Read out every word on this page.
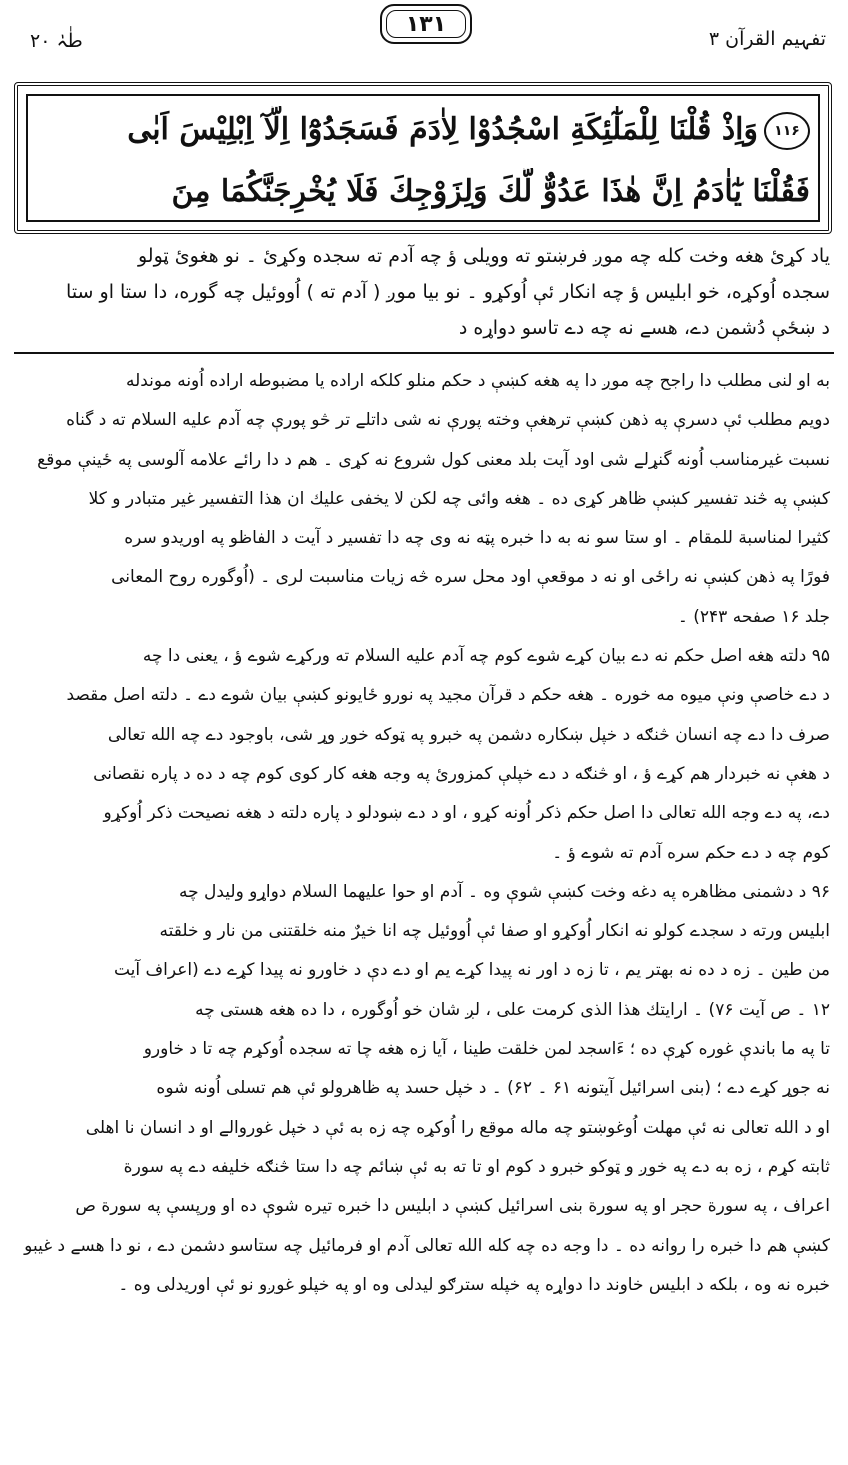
تفہیم القرآن ۳
۱۳۱
طٰہٰ ۲۰
۱۱۶وَاِذْ قُلْنَا لِلْمَلٰٓئِكَةِ اسْجُدُوْا لِاٰدَمَ فَسَجَدُوْٓا اِلَّآ اِبْلِيْسَ اَبٰى
فَقُلْنَا يٰٓاٰدَمُ اِنَّ هٰذَا عَدُوٌّ لَّكَ وَلِزَوْجِكَ فَلَا يُخْرِجَنَّكُمَا مِنَ

یاد کړئ هغه وخت کله چه موږ فرښتو ته وویلی ؤ چه آدم ته سجده وکړئ ۔ نو هغوئ ټولو

سجده اُوکړه، خو ابلیس ؤ چه انکار ئې اُوکړو ۔ نو بیا موږ ( آدم ته ) اُووئیل چه گوره، دا ستا او ستا

د ښځې دُشمن دے، هسے نه چه دے تاسو دواړه د

به او لنی مطلب دا راجح چه موږ دا په هغه کښې د حکم منلو کلکه اراده یا مضبوطه اراده اُونه موندله

دویم مطلب ئې دسرې په ذهن کښې ترهغې وخته پورې نه شی داتلے تر څو پورې چه آدم علیه السلام ته د گناه

نسبت غیرمناسب اُونه گنړلے شی اود آیت بلد معنی کول شروع نه کړی ۔ هم د دا رائے علامه آلوسی په ځینې موقع

کښې په څند تفسیر کښې ظاهر کړی ده ۔ هغه وائی چه لکن لا یخفی علیك ان هذا التفسیر غیر متبادر و کلا

کثیرا لمناسبة للمقام ۔ او ستا سو نه به دا خبره پټه نه وی چه دا تفسیر د آیت د الفاظو په اوریدو سره

فورًا په ذهن کښې نه راځی او نه د موقعې اود محل سره څه زیات مناسبت لری ۔ (اُوگوره روح المعانی

جلد ۱۶ صفحه ۲۴۳) ۔

۹۵ دلته هغه اصل حکم نه دے بیان کړے شوے کوم چه آدم علیه السلام ته ورکړے شوے ؤ ، یعنی دا چه

د دے خاصې ونې میوه مه خوره ۔ هغه حکم د قرآن مجید په نورو ځایونو کښې بیان شوے دے ۔ دلته اصل مقصد

صرف دا دے چه انسان څنګه د خپل ښکاره دشمن په خبرو په ټوکه خوږ وړ شی، باوجود دے چه الله تعالی

د هغې نه خبردار هم کړے ؤ ، او څنګه د دے خپلې کمزورئ په وجه هغه کار کوی کوم چه د ده د پاره نقصانی

دے، په دے وجه الله تعالی دا اصل حکم ذکر اُونه کړو ، او د دے ښودلو د پاره دلته د هغه نصیحت ذکر اُوکړو

کوم چه د دے حکم سره آدم ته شوے ؤ ۔

۹۶ د دشمنی مظاهره په دغه وخت کښې شوې وه ۔ آدم او حوا علیهما السلام دواړو ولیدل چه

ابلیس ورته د سجدے کولو نه انکار اُوکړو او صفا ئې اُووئیل چه انا خیرٌ منه خلقتنی من نار و خلقته

من طین ۔ زه د ده نه بهتر یم ، تا زه د اور نه پیدا کړے یم او دے دې د خاورو نه پیدا کړے دے (اعراف آیت

۱۲ ۔ ص آیت ۷۶) ۔ ارایتك هذا الذی کرمت علی ، لږ شان خو اُوگوره ، دا ده هغه هستی چه

تا په ما باندې غوره کړې ده ؛ ءَاسجد لمن خلقت طینا ، آیا زه هغه چا ته سجده اُوکړم چه تا د خاورو

نه جوړ کړے دے ؛ (بنی اسرائیل آیتونه ۶۱ ۔ ۶۲) ۔ د خپل حسد په ظاهرولو ئې هم تسلی اُونه شوه

او د الله تعالی نه ئې مهلت اُوغوښتو چه ماله موقع را اُوکړه چه زه به ئې د خپل غوروالے او د انسان نا اهلی

ثابته کړم ، زه به دے په خوږ و ټوکو خبرو د کوم او تا ته به ئې ښائم چه دا ستا څنګه خلیفه دے په سورة

اعراف ، په سورة حجر او په سورة بنی اسرائیل کښې د ابلیس دا خبره تیره شوې ده او ورپسې په سورة ص

کښې هم دا خبره را روانه ده ۔ دا وجه ده چه کله الله تعالی آدم او فرمائیل چه ستاسو دشمن دے ، نو دا هسے د غیبو

خبره نه وه ، بلکه د ابلیس خاوند دا دواړه په خپله سترګو لیدلی وه او په خپلو غوږو نو ئې اوریدلی وه ۔
